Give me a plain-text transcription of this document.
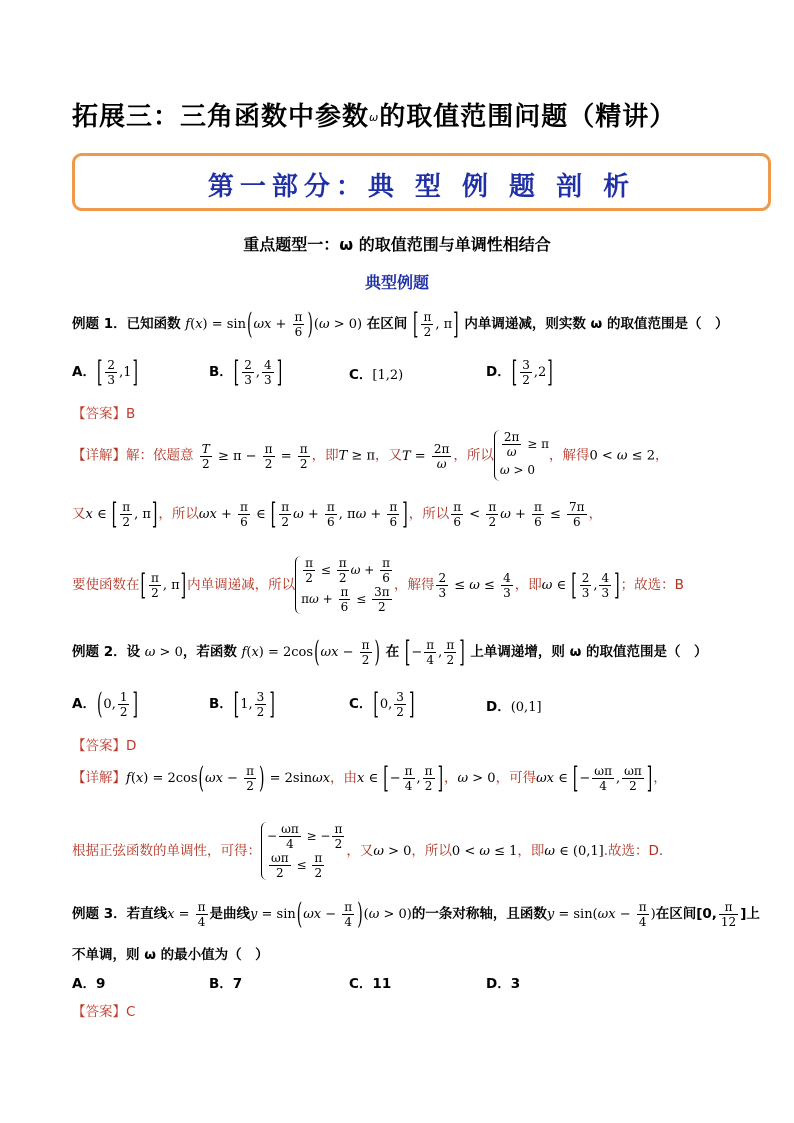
拓展三：三角函数中参数ω的取值范围问题（精讲）
第一部分：典 型 例 题 剖 析
重点题型一：ω 的取值范围与单调性相结合
典型例题
例题 1．已知函数 $f(x) = \sin(\omega x + \frac{\pi}{6} )(\omega > 0)$ 在区间 [ $\frac{\pi}{2}$ , π] 内单调递减，则实数 ω 的取值范围是（　）
A．[ $\frac{2}{3} ,1$]	B．[ $\frac{2}{3}$ , $\frac{4}{3}$ ]	C．[1,2)	D．[ $\frac{3}{2} ,2$]
【答案】B
【详解】解：依题意 $\frac{T}{2} \ge \pi - \frac{\pi}{2} = \frac{\pi}{2}$ ，即T ≥ π，又$T = \frac{2\pi}{\omega}$ ，所以 $\frac{2\pi}{\omega} \ge \pi$
ω > 0
，解得0 < ω ≤ 2，
又x ∈ [ $\frac{\pi}{2}$ , π]，所以$\omega x + \frac{\pi}{6}$ ∈ [ $\frac{\pi}{2}$ $\omega + \frac{\pi}{6}$ , $\pi\omega + \frac{\pi}{6}$ ]，所以 $\frac{\pi}{6} < \frac{\pi}{2}$ $\omega + \frac{\pi}{6} \le \frac{7\pi}{6}$ ，
要使函数在[ $\frac{\pi}{2}$ , π]内单调递减，所以 $\frac{\pi}{2} \le \frac{\pi}{2}$ $\omega + \frac{\pi}{6}$
$\pi\omega + \frac{\pi}{6} \le \frac{3\pi}{2}$ ，解得 $\frac{2}{3} \le \omega \le \frac{4}{3}$ ，即ω ∈ [ $\frac{2}{3}$ , $\frac{4}{3}$ ]；故选：B
例题 2．设 ω > 0，若函数 $f(x) = 2\cos(\omega x - \frac{\pi}{2}$ ) 在 [− $\frac{\pi}{4}$ , $\frac{\pi}{2}$ ] 上单调递增，则 ω 的取值范围是（　）
A．(0, $\frac{1}{2}$ ]	B．[1, $\frac{3}{2}$ ]	C．[0, $\frac{3}{2}$ ]	D．(0,1]
【答案】D
【详解】$f(x) = 2\cos(\omega x - \frac{\pi}{2}$ ) = 2sinωx，由x ∈ [− $\frac{\pi}{4}$ , $\frac{\pi}{2}$ ]，ω > 0，可得ωx ∈ [− $\frac{\omega\pi}{4}$ , $\frac{\omega\pi}{2}$ ]，
根据正弦函数的单调性，可得：
− $\frac{\omega\pi}{4}$ ≥ − $\frac{\pi}{2}$
$\frac{\omega\pi}{2} \le \frac{\pi}{2}$ ，又ω > 0，所以0 < ω ≤ 1，即ω ∈ (0,1].故选：D.
例题 3．若直线$x = \frac{\pi}{4}$ 是曲线$y = \sin(\omega x - \frac{\pi}{4} )(\omega > 0)$的一条对称轴，且函数$y = \sin(\omega x - \frac{\pi}{4}$ )在区间[0, $\frac{\pi}{12}$ ]上
不单调，则 ω 的最小值为（　）
A．9	B．7	C．11	D．3
【答案】C
